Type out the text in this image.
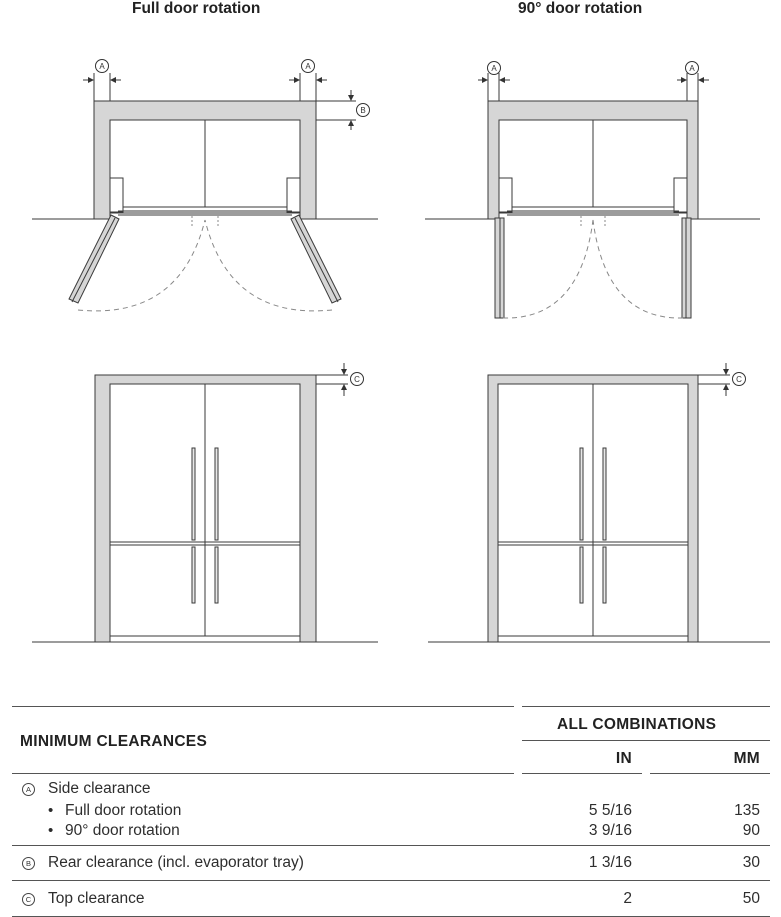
Full door rotation	90° door rotation
A	A
B
A	A
C	C
MINIMUM CLEARANCES
ALL COMBINATIONS
IN	MM
A Side clearance
• Full door rotation	5 5/16	135
• 90° door rotation	3 9/16	90
B Rear clearance (incl. evaporator tray)	1 3/16	30
C Top clearance	2	50
